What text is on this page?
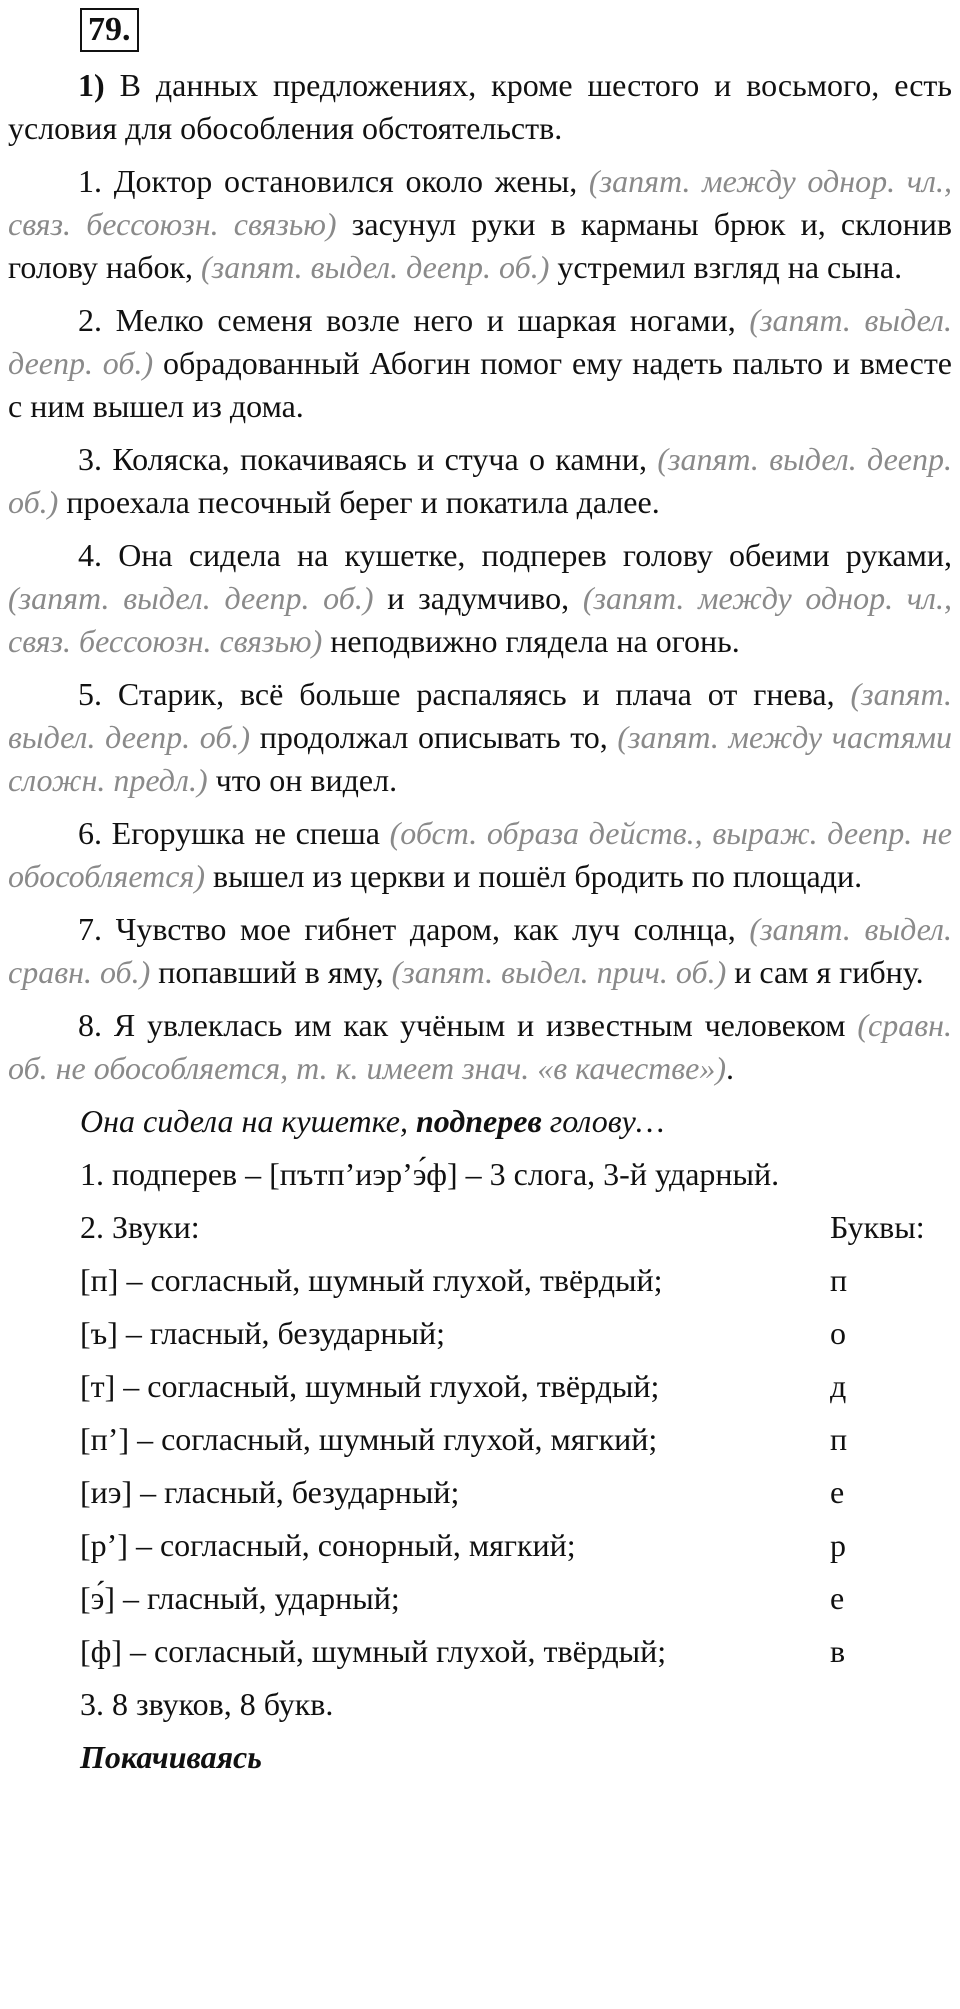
79.

1) В данных предложениях, кроме шестого и восьмого, есть условия для обособления обстоятельств.

1. Доктор остановился около жены, (запят. между однор. чл., связ. бессоюзн. связью) засунул руки в карманы брюк и, склонив голову набок, (запят. выдел. деепр. об.) устремил взгляд на сына.

2. Мелко семеня возле него и шаркая ногами, (запят. выдел. деепр. об.) обрадованный Абогин помог ему надеть пальто и вместе с ним вышел из дома.

3. Коляска, покачиваясь и стуча о камни, (запят. выдел. деепр. об.) проехала песочный берег и покатила далее.

4. Она сидела на кушетке, подперев голову обеими руками, (запят. выдел. деепр. об.) и задумчиво, (запят. между однор. чл., связ. бессоюзн. связью) неподвижно глядела на огонь.

5. Старик, всё больше распаляясь и плача от гнева, (запят. выдел. деепр. об.) продолжал описывать то, (запят. между частями сложн. предл.) что он видел.

6. Егорушка не спеша (обст. образа действ., выраж. деепр. не обособляется) вышел из церкви и пошёл бродить по площади.

7. Чувство мое гибнет даром, как луч солнца, (запят. выдел. сравн. об.) попавший в яму, (запят. выдел. прич. об.) и сам я гибну.

8. Я увлеклась им как учёным и известным человеком (сравн. об. не обособляется, т. к. имеет знач. «в качестве»).

Она сидела на кушетке, подперев голову…

1. подперев – [пътп’иэр’э́ф] – 3 слога, 3-й ударный.

2. Звуки:	Буквы:
[п] – согласный, шумный глухой, твёрдый;	п
[ъ] – гласный, безударный;	о
[т] – согласный, шумный глухой, твёрдый;	д
[п’] – согласный, шумный глухой, мягкий;	п
[иэ] – гласный, безударный;	е
[р’] – согласный, сонорный, мягкий;	р
[э́] – гласный, ударный;	е
[ф] – согласный, шумный глухой, твёрдый;	в

3. 8 звуков, 8 букв.

Покачиваясь
